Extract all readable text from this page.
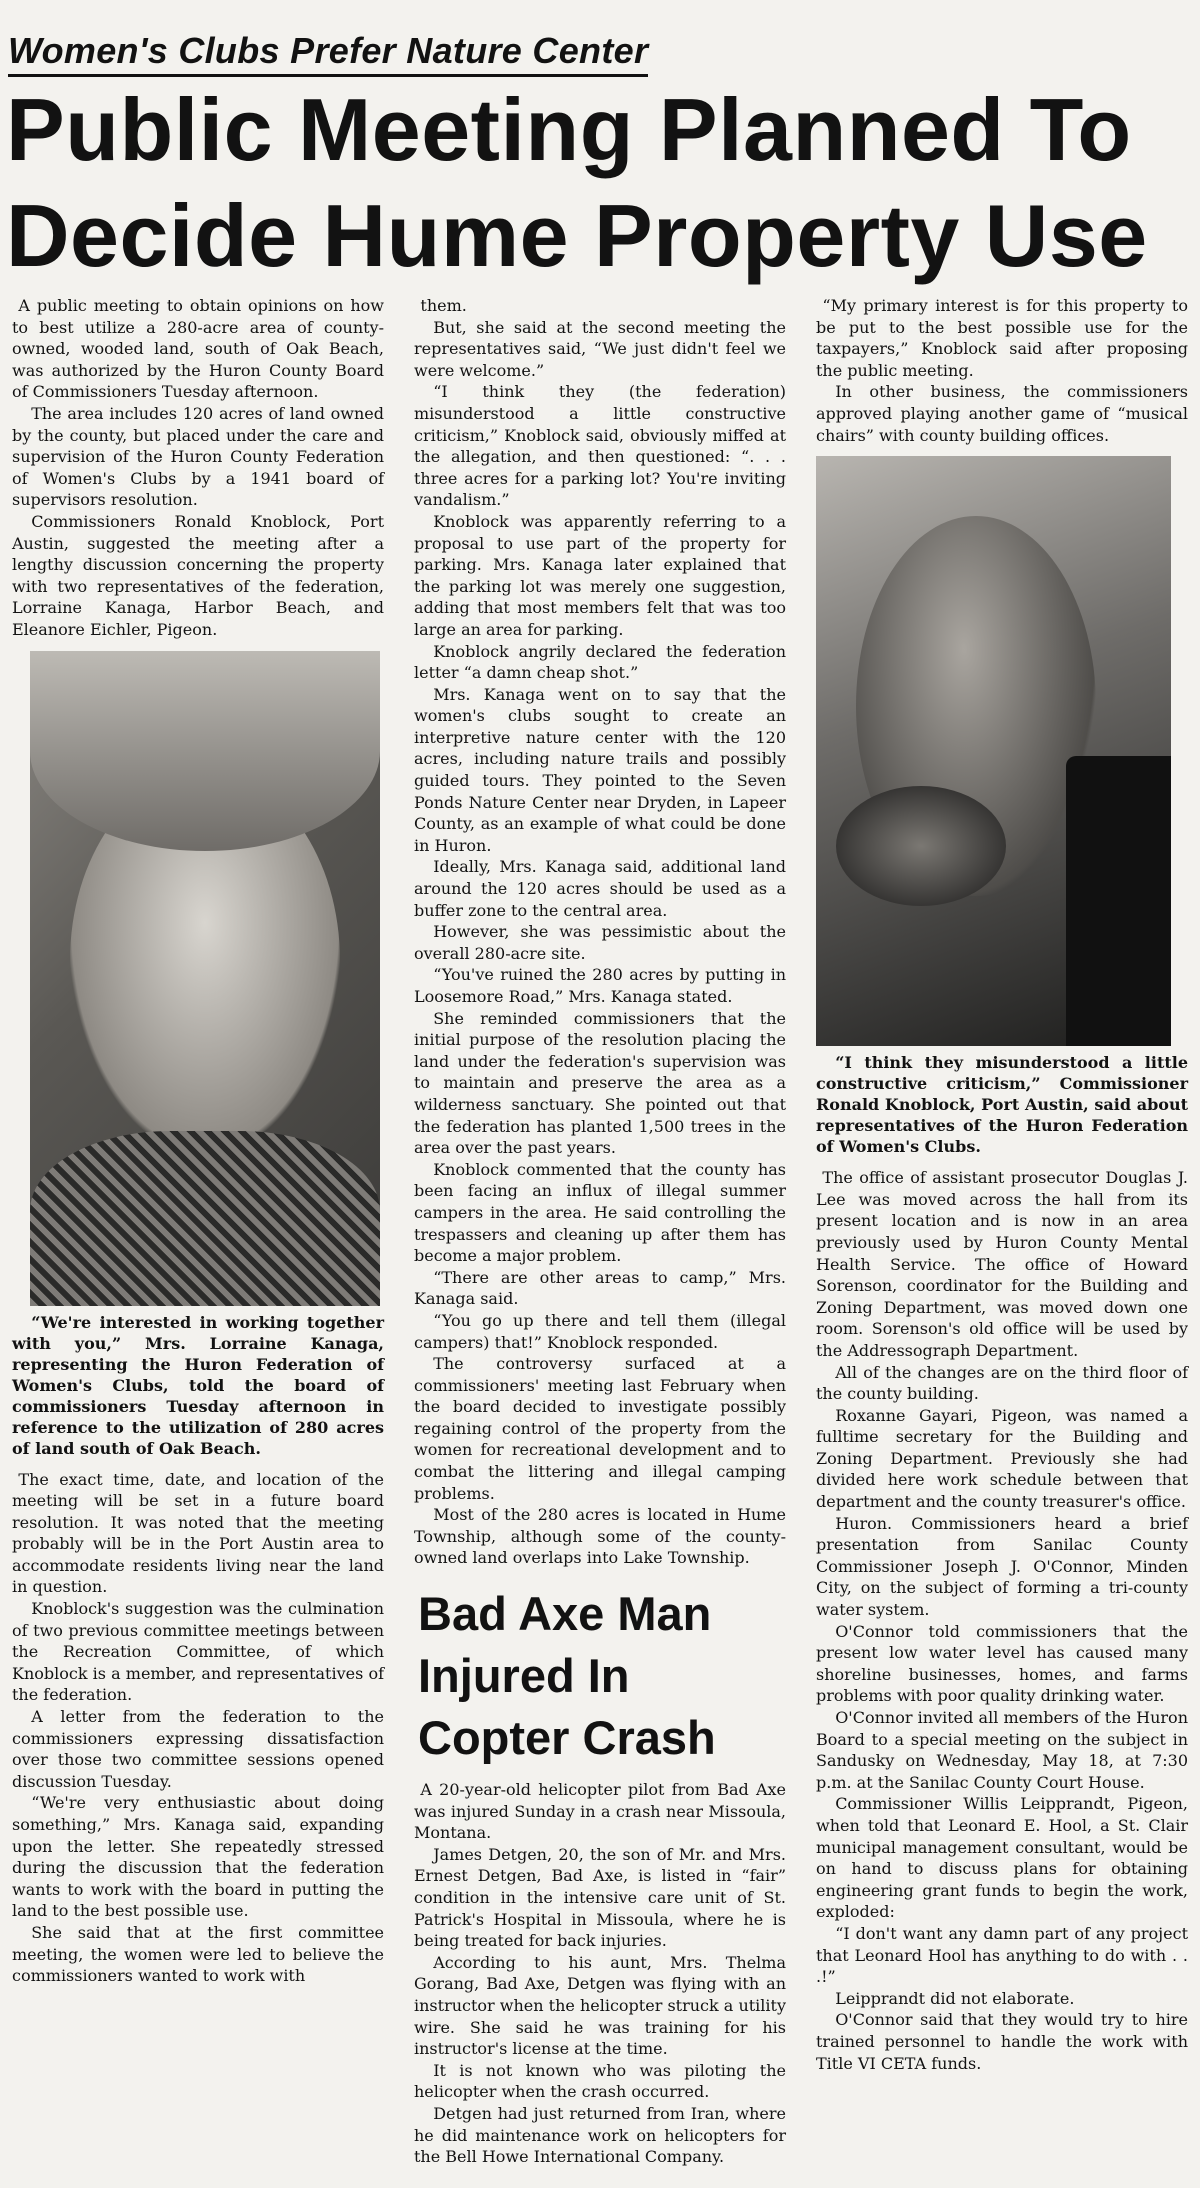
Women's Clubs Prefer Nature Center
Public Meeting Planned To
Decide Hume Property Use

A public meeting to obtain opinions on how to best utilize a 280-acre area of county-owned, wooded land, south of Oak Beach, was authorized by the Huron County Board of Commissioners Tuesday afternoon.

The area includes 120 acres of land owned by the county, but placed under the care and supervision of the Huron County Federation of Women's Clubs by a 1941 board of supervisors resolution.

Commissioners Ronald Knoblock, Port Austin, suggested the meeting after a lengthy discussion concerning the property with two representatives of the federation, Lorraine Kanaga, Harbor Beach, and Eleanore Eichler, Pigeon.

“We're interested in working together with you,” Mrs. Lorraine Kanaga, representing the Huron Federation of Women's Clubs, told the board of commissioners Tuesday afternoon in reference to the utilization of 280 acres of land south of Oak Beach.

The exact time, date, and location of the meeting will be set in a future board resolution. It was noted that the meeting probably will be in the Port Austin area to accommodate residents living near the land in question.

Knoblock's suggestion was the culmination of two previous committee meetings between the Recreation Committee, of which Knoblock is a member, and representatives of the federation.

A letter from the federation to the commissioners expressing dissatisfaction over those two committee sessions opened discussion Tuesday.

“We're very enthusiastic about doing something,” Mrs. Kanaga said, expanding upon the letter. She repeatedly stressed during the discussion that the federation wants to work with the board in putting the land to the best possible use.

She said that at the first committee meeting, the women were led to believe the commissioners wanted to work with

them.

But, she said at the second meeting the representatives said, “We just didn't feel we were welcome.”

“I think they (the federation) misunderstood a little constructive criticism,” Knoblock said, obviously miffed at the allegation, and then questioned: “. . . three acres for a parking lot? You're inviting vandalism.”

Knoblock was apparently referring to a proposal to use part of the property for parking. Mrs. Kanaga later explained that the parking lot was merely one suggestion, adding that most members felt that was too large an area for parking.

Knoblock angrily declared the federation letter “a damn cheap shot.”

Mrs. Kanaga went on to say that the women's clubs sought to create an interpretive nature center with the 120 acres, including nature trails and possibly guided tours. They pointed to the Seven Ponds Nature Center near Dryden, in Lapeer County, as an example of what could be done in Huron.

Ideally, Mrs. Kanaga said, additional land around the 120 acres should be used as a buffer zone to the central area.

However, she was pessimistic about the overall 280-acre site.

“You've ruined the 280 acres by putting in Loosemore Road,” Mrs. Kanaga stated.

She reminded commissioners that the initial purpose of the resolution placing the land under the federation's supervision was to maintain and preserve the area as a wilderness sanctuary. She pointed out that the federation has planted 1,500 trees in the area over the past years.

Knoblock commented that the county has been facing an influx of illegal summer campers in the area. He said controlling the trespassers and cleaning up after them has become a major problem.

“There are other areas to camp,” Mrs. Kanaga said.

“You go up there and tell them (illegal campers) that!” Knoblock responded.

The controversy surfaced at a commissioners' meeting last February when the board decided to investigate possibly regaining control of the property from the women for recreational development and to combat the littering and illegal camping problems.

Most of the 280 acres is located in Hume Township, although some of the county-owned land overlaps into Lake Township.

Bad Axe Man
Injured In
Copter Crash

A 20-year-old helicopter pilot from Bad Axe was injured Sunday in a crash near Missoula, Montana.

James Detgen, 20, the son of Mr. and Mrs. Ernest Detgen, Bad Axe, is listed in “fair” condition in the intensive care unit of St. Patrick's Hospital in Missoula, where he is being treated for back injuries.

According to his aunt, Mrs. Thelma Gorang, Bad Axe, Detgen was flying with an instructor when the helicopter struck a utility wire. She said he was training for his instructor's license at the time.

It is not known who was piloting the helicopter when the crash occurred.

Detgen had just returned from Iran, where he did maintenance work on helicopters for the Bell Howe International Company.

“My primary interest is for this property to be put to the best possible use for the taxpayers,” Knoblock said after proposing the public meeting.

In other business, the commissioners approved playing another game of “musical chairs” with county building offices.

“I think they misunderstood a little constructive criticism,” Commissioner Ronald Knoblock, Port Austin, said about representatives of the Huron Federation of Women's Clubs.

The office of assistant prosecutor Douglas J. Lee was moved across the hall from its present location and is now in an area previously used by Huron County Mental Health Service. The office of Howard Sorenson, coordinator for the Building and Zoning Department, was moved down one room. Sorenson's old office will be used by the Addressograph Department.

All of the changes are on the third floor of the county building.

Roxanne Gayari, Pigeon, was named a fulltime secretary for the Building and Zoning Department. Previously she had divided here work schedule between that department and the county treasurer's office.

Huron. Commissioners heard a brief presentation from Sanilac County Commissioner Joseph J. O'Connor, Minden City, on the subject of forming a tri-county water system.

O'Connor told commissioners that the present low water level has caused many shoreline businesses, homes, and farms problems with poor quality drinking water.

O'Connor invited all members of the Huron Board to a special meeting on the subject in Sandusky on Wednesday, May 18, at 7:30 p.m. at the Sanilac County Court House.

Commissioner Willis Leipprandt, Pigeon, when told that Leonard E. Hool, a St. Clair municipal management consultant, would be on hand to discuss plans for obtaining engineering grant funds to begin the work, exploded:

“I don't want any damn part of any project that Leonard Hool has anything to do with . . .!”

Leipprandt did not elaborate.

O'Connor said that they would try to hire trained personnel to handle the work with Title VI CETA funds.
